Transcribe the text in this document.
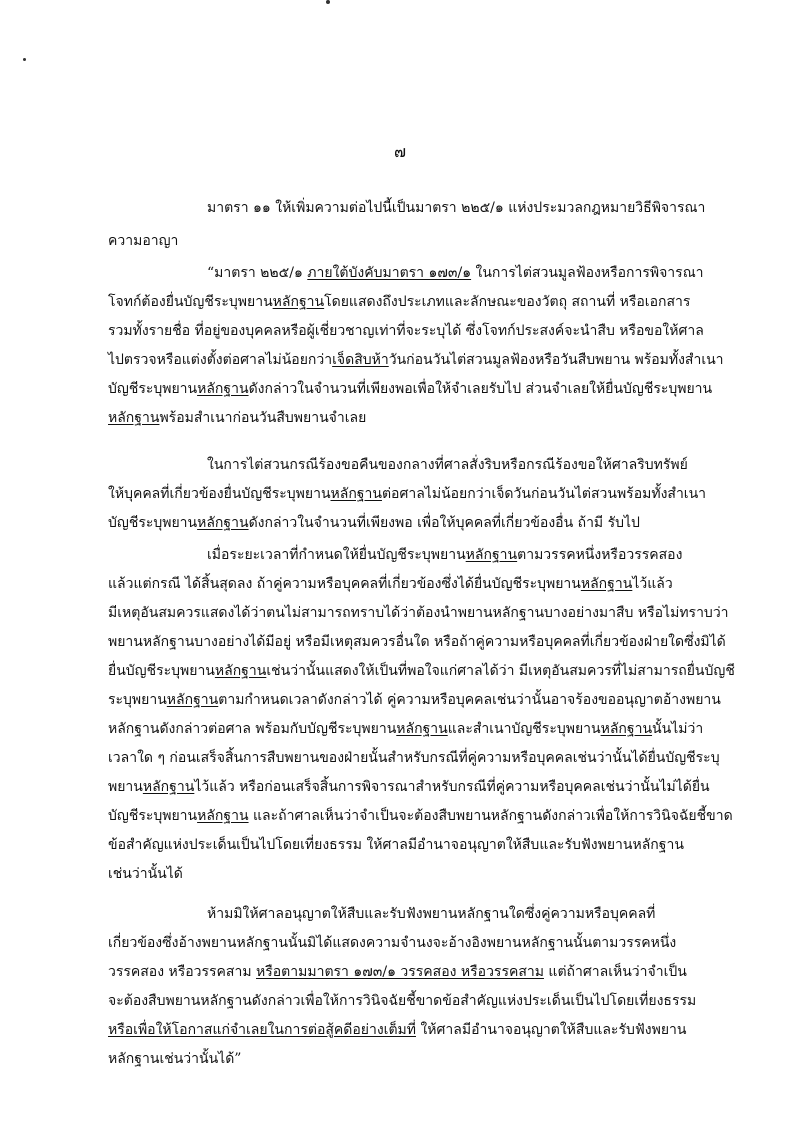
๗
มาตรา ๑๑ ให้เพิ่มความต่อไปนี้เป็นมาตรา ๒๒๕/๑ แห่งประมวลกฎหมายวิธีพิจารณา
ความอาญา
“มาตรา ๒๒๕/๑ ภายใต้บังคับมาตรา ๑๗๓/๑ ในการไต่สวนมูลฟ้องหรือการพิจารณา
โจทก์ต้องยื่นบัญชีระบุพยานหลักฐานโดยแสดงถึงประเภทและลักษณะของวัตถุ สถานที่ หรือเอกสาร
รวมทั้งรายชื่อ ที่อยู่ของบุคคลหรือผู้เชี่ยวชาญเท่าที่จะระบุได้ ซึ่งโจทก์ประสงค์จะนำสืบ หรือขอให้ศาล
ไปตรวจหรือแต่งตั้งต่อศาลไม่น้อยกว่าเจ็ดสิบห้าวันก่อนวันไต่สวนมูลฟ้องหรือวันสืบพยาน พร้อมทั้งสำเนา
บัญชีระบุพยานหลักฐานดังกล่าวในจำนวนที่เพียงพอเพื่อให้จำเลยรับไป ส่วนจำเลยให้ยื่นบัญชีระบุพยาน
หลักฐานพร้อมสำเนาก่อนวันสืบพยานจำเลย
ในการไต่สวนกรณีร้องขอคืนของกลางที่ศาลสั่งริบหรือกรณีร้องขอให้ศาลริบทรัพย์
ให้บุคคลที่เกี่ยวข้องยื่นบัญชีระบุพยานหลักฐานต่อศาลไม่น้อยกว่าเจ็ดวันก่อนวันไต่สวนพร้อมทั้งสำเนา
บัญชีระบุพยานหลักฐานดังกล่าวในจำนวนที่เพียงพอ เพื่อให้บุคคลที่เกี่ยวข้องอื่น ถ้ามี รับไป
เมื่อระยะเวลาที่กำหนดให้ยื่นบัญชีระบุพยานหลักฐานตามวรรคหนึ่งหรือวรรคสอง
แล้วแต่กรณี ได้สิ้นสุดลง ถ้าคู่ความหรือบุคคลที่เกี่ยวข้องซึ่งได้ยื่นบัญชีระบุพยานหลักฐานไว้แล้ว
มีเหตุอันสมควรแสดงได้ว่าตนไม่สามารถทราบได้ว่าต้องนำพยานหลักฐานบางอย่างมาสืบ หรือไม่ทราบว่า
พยานหลักฐานบางอย่างได้มีอยู่ หรือมีเหตุสมควรอื่นใด หรือถ้าคู่ความหรือบุคคลที่เกี่ยวข้องฝ่ายใดซึ่งมิได้
ยื่นบัญชีระบุพยานหลักฐานเช่นว่านั้นแสดงให้เป็นที่พอใจแก่ศาลได้ว่า มีเหตุอันสมควรที่ไม่สามารถยื่นบัญชี
ระบุพยานหลักฐานตามกำหนดเวลาดังกล่าวได้ คู่ความหรือบุคคลเช่นว่านั้นอาจร้องขออนุญาตอ้างพยาน
หลักฐานดังกล่าวต่อศาล พร้อมกับบัญชีระบุพยานหลักฐานและสำเนาบัญชีระบุพยานหลักฐานนั้นไม่ว่า
เวลาใด ๆ ก่อนเสร็จสิ้นการสืบพยานของฝ่ายนั้นสำหรับกรณีที่คู่ความหรือบุคคลเช่นว่านั้นได้ยื่นบัญชีระบุ
พยานหลักฐานไว้แล้ว หรือก่อนเสร็จสิ้นการพิจารณาสำหรับกรณีที่คู่ความหรือบุคคลเช่นว่านั้นไม่ได้ยื่น
บัญชีระบุพยานหลักฐาน และถ้าศาลเห็นว่าจำเป็นจะต้องสืบพยานหลักฐานดังกล่าวเพื่อให้การวินิจฉัยชี้ขาด
ข้อสำคัญแห่งประเด็นเป็นไปโดยเที่ยงธรรม ให้ศาลมีอำนาจอนุญาตให้สืบและรับฟังพยานหลักฐาน
เช่นว่านั้นได้
ห้ามมิให้ศาลอนุญาตให้สืบและรับฟังพยานหลักฐานใดซึ่งคู่ความหรือบุคคลที่
เกี่ยวข้องซึ่งอ้างพยานหลักฐานนั้นมิได้แสดงความจำนงจะอ้างอิงพยานหลักฐานนั้นตามวรรคหนึ่ง
วรรคสอง หรือวรรคสาม หรือตามมาตรา ๑๗๓/๑ วรรคสอง หรือวรรคสาม แต่ถ้าศาลเห็นว่าจำเป็น
จะต้องสืบพยานหลักฐานดังกล่าวเพื่อให้การวินิจฉัยชี้ขาดข้อสำคัญแห่งประเด็นเป็นไปโดยเที่ยงธรรม
หรือเพื่อให้โอกาสแก่จำเลยในการต่อสู้คดีอย่างเต็มที่ ให้ศาลมีอำนาจอนุญาตให้สืบและรับฟังพยาน
หลักฐานเช่นว่านั้นได้”
